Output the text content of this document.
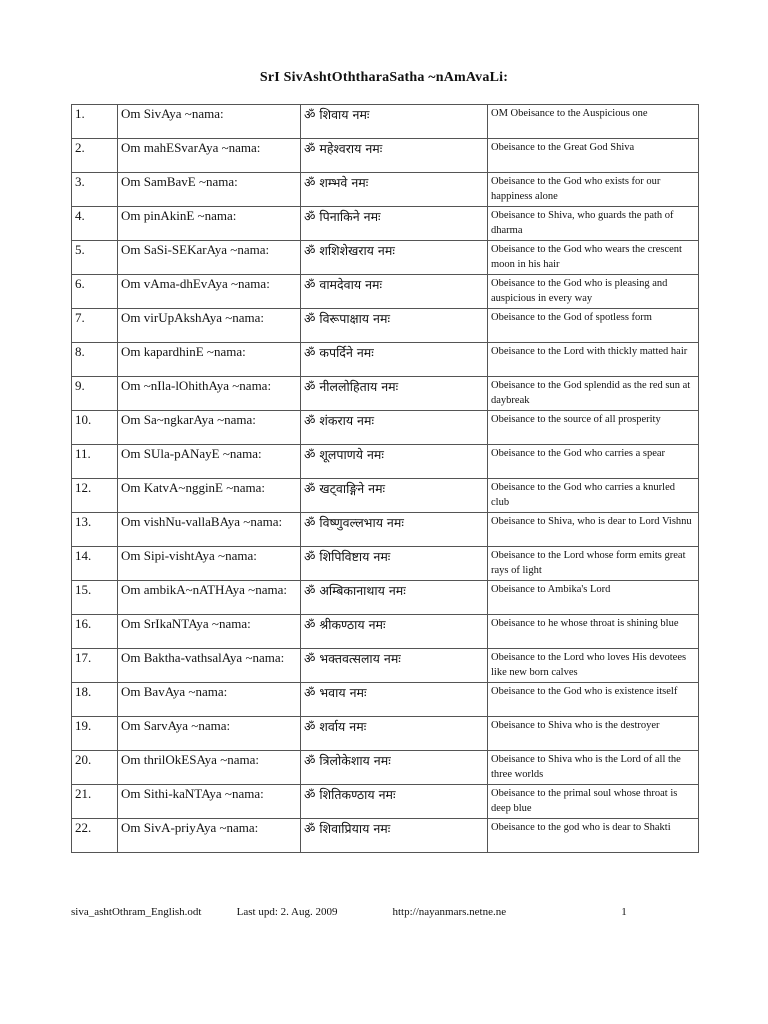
SrI SivAshtOththaraSatha ~nAmAvaLi:
1.	Om SivAya ~nama:	ॐ शिवाय नमः	OM Obeisance to the Auspicious one
2.	Om mahESvarAya ~nama:	ॐ महेश्वराय नमः	Obeisance to the Great God Shiva
3.	Om SamBavE ~nama:	ॐ शम्भवे नमः	Obeisance to the God who exists for our happiness alone
4.	Om pinAkinE ~nama:	ॐ पिनाकिने नमः	Obeisance to Shiva, who guards the path of dharma
5.	Om SaSi-SEKarAya ~nama:	ॐ शशिशेखराय नमः	Obeisance to the God who wears the crescent moon in his hair
6.	Om vAma-dhEvAya ~nama:	ॐ वामदेवाय नमः	Obeisance to the God who is pleasing and auspicious in every way
7.	Om virUpAkshAya ~nama:	ॐ विरूपाक्षाय नमः	Obeisance to the God of spotless form
8.	Om kapardhinE ~nama:	ॐ कपर्दिने नमः	Obeisance to the Lord with thickly matted hair
9.	Om ~nIla-lOhithAya ~nama:	ॐ नीललोहिताय नमः	Obeisance to the God splendid as the red sun at daybreak
10.	Om Sa~ngkarAya ~nama:	ॐ शंकराय नमः	Obeisance to the source of all prosperity
11.	Om SUla-pANayE ~nama:	ॐ शूलपाणये नमः	Obeisance to the God who carries a spear
12.	Om KatvA~ngginE ~nama:	ॐ खट्वाङ्गिने नमः	Obeisance to the God who carries a knurled club
13.	Om vishNu-vallaBAya ~nama:	ॐ विष्णुवल्लभाय नमः	Obeisance to Shiva, who is dear to Lord Vishnu
14.	Om Sipi-vishtAya ~nama:	ॐ शिपिविष्टाय नमः	Obeisance to the Lord whose form emits great rays of light
15.	Om ambikA~nATHAya ~nama:	ॐ अम्बिकानाथाय नमः	Obeisance to Ambika's Lord
16.	Om SrIkaNTAya ~nama:	ॐ श्रीकण्ठाय नमः	Obeisance to he whose throat is shining blue
17.	Om Baktha-vathsalAya ~nama:	ॐ भक्तवत्सलाय नमः	Obeisance to the Lord who loves His devotees like new born calves
18.	Om BavAya ~nama:	ॐ भवाय नमः	Obeisance to the God who is existence itself
19.	Om SarvAya ~nama:	ॐ शर्वाय नमः	Obeisance to Shiva who is the destroyer
20.	Om thrilOkESAya ~nama:	ॐ त्रिलोकेशाय नमः	Obeisance to Shiva who is the Lord of all the three worlds
21.	Om Sithi-kaNTAya ~nama:	ॐ शितिकण्ठाय नमः	Obeisance to the primal soul whose throat is deep blue
22.	Om SivA-priyAya ~nama:	ॐ शिवाप्रियाय नमः	Obeisance to the god who is dear to Shakti
siva_ashtOthram_English.odt	Last upd: 2. Aug. 2009	http://nayanmars.netne.ne	1
